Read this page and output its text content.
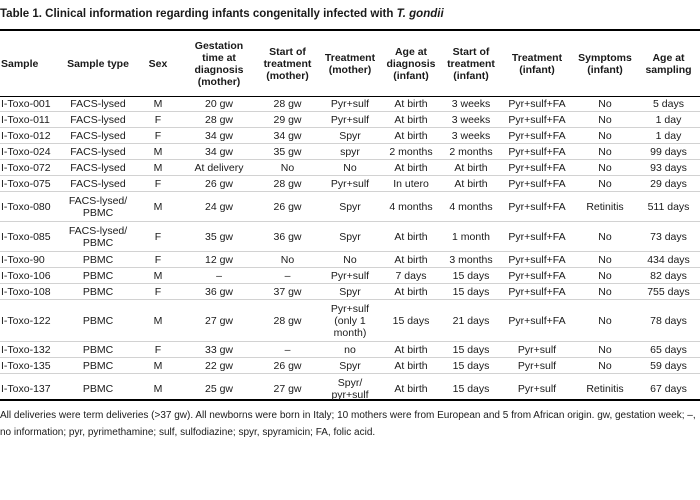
Table 1. Clinical information regarding infants congenitally infected with T. gondii
Sample	Sample type	Sex	Gestation
time at
diagnosis
(mother)	Start of
treatment
(mother)	Treatment
(mother)	Age at
diagnosis
(infant)	Start of
treatment
(infant)	Treatment
(infant)	Symptoms
(infant)	Age at
sampling
I-Toxo-001	FACS-lysed	M	20 gw	28 gw	Pyr+sulf	At birth	3 weeks	Pyr+sulf+FA	No	5 days
I-Toxo-011	FACS-lysed	F	28 gw	29 gw	Pyr+sulf	At birth	3 weeks	Pyr+sulf+FA	No	1 day
I-Toxo-012	FACS-lysed	F	34 gw	34 gw	Spyr	At birth	3 weeks	Pyr+sulf+FA	No	1 day
I-Toxo-024	FACS-lysed	M	34 gw	35 gw	spyr	2 months	2 months	Pyr+sulf+FA	No	99 days
I-Toxo-072	FACS-lysed	M	At delivery	No	No	At birth	At birth	Pyr+sulf+FA	No	93 days
I-Toxo-075	FACS-lysed	F	26 gw	28 gw	Pyr+sulf	In utero	At birth	Pyr+sulf+FA	No	29 days
I-Toxo-080	FACS-lysed/
PBMC	M	24 gw	26 gw	Spyr	4 months	4 months	Pyr+sulf+FA	Retinitis	511 days
I-Toxo-085	FACS-lysed/
PBMC	F	35 gw	36 gw	Spyr	At birth	1 month	Pyr+sulf+FA	No	73 days
I-Toxo-90	PBMC	F	12 gw	No	No	At birth	3 months	Pyr+sulf+FA	No	434 days
I-Toxo-106	PBMC	M	–	–	Pyr+sulf	7 days	15 days	Pyr+sulf+FA	No	82 days
I-Toxo-108	PBMC	F	36 gw	37 gw	Spyr	At birth	15 days	Pyr+sulf+FA	No	755 days
I-Toxo-122	PBMC	M	27 gw	28 gw	Pyr+sulf
(only 1
month)	15 days	21 days	Pyr+sulf+FA	No	78 days
I-Toxo-132	PBMC	F	33 gw	–	no	At birth	15 days	Pyr+sulf	No	65 days
I-Toxo-135	PBMC	M	22 gw	26 gw	Spyr	At birth	15 days	Pyr+sulf	No	59 days
I-Toxo-137	PBMC	M	25 gw	27 gw	Spyr/
pyr+sulf	At birth	15 days	Pyr+sulf	Retinitis	67 days
All deliveries were term deliveries (>37 gw). All newborns were born in Italy; 10 mothers were from European and 5 from African origin. gw, gestation week; –, no information; pyr, pyrimethamine; sulf, sulfodiazine; spyr, spyramicin; FA, folic acid.
